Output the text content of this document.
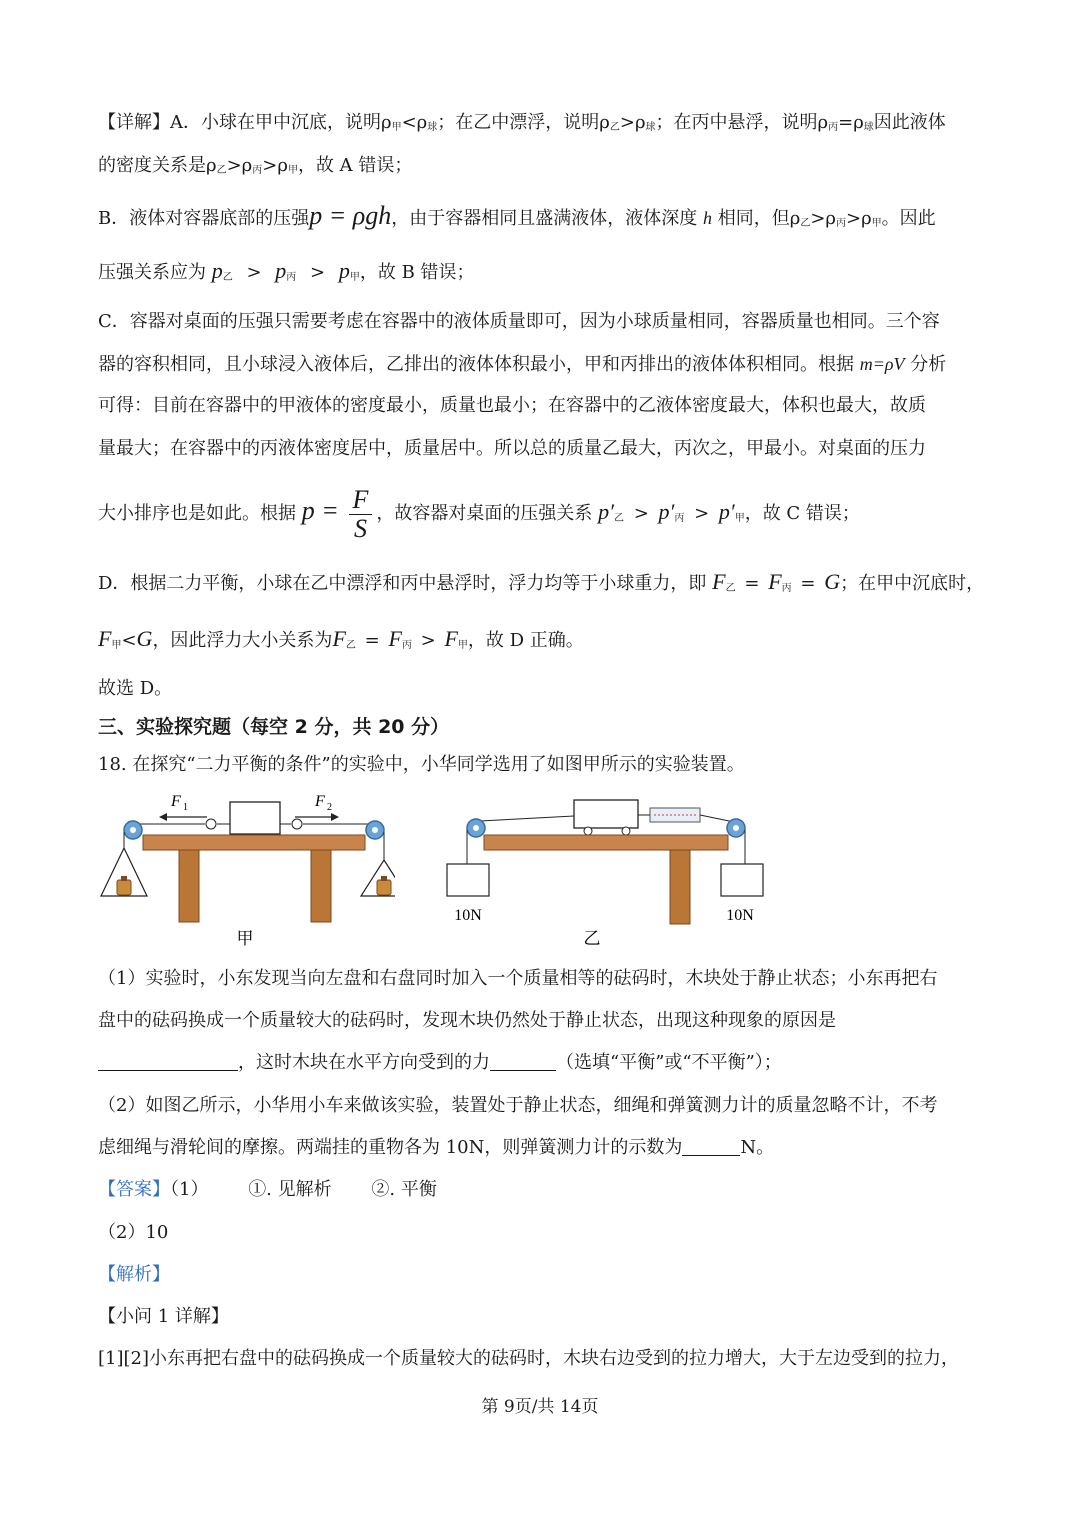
【详解】A．小球在甲中沉底，说明$\rho_甲<\rho_球$；在乙中漂浮，说明$\rho_乙>\rho_球$；在丙中悬浮，说明$\rho_丙=\rho_球$因此液体
的密度关系是$\rho_乙>\rho_丙>\rho_甲$，故 A 错误；
B．液体对容器底部的压强p = ρgh，由于容器相同且盛满液体，液体深度 h 相同，但$\rho_乙>\rho_丙>\rho_甲$。因此
压强关系应为 $p_乙 > p_丙 > p_甲$，故 B 错误；
C．容器对桌面的压强只需要考虑在容器中的液体质量即可，因为小球质量相同，容器质量也相同。三个容
器的容积相同，且小球浸入液体后，乙排出的液体体积最小，甲和丙排出的液体体积相同。根据 m=ρV 分析
可得：目前在容器中的甲液体的密度最小，质量也最小；在容器中的乙液体密度最大，体积也最大，故质
量最大；在容器中的丙液体密度居中，质量居中。所以总的质量乙最大，丙次之，甲最小。对桌面的压力
大小排序也是如此。根据 $p = \frac{F}{S}$ ，故容器对桌面的压强关系 $p'_乙 > p'_丙 > p'_甲$，故 C 错误；
D．根据二力平衡，小球在乙中漂浮和丙中悬浮时，浮力均等于小球重力，即 $F_乙 = F_丙 = G$；在甲中沉底时，
$F_甲<G$，因此浮力大小关系为$F_乙 = F_丙 > F_甲$，故 D 正确。
故选 D。
三、实验探究题（每空 2 分，共 20 分）
18. 在探究“二力平衡的条件”的实验中，小华同学选用了如图甲所示的实验装置。
F 1	F 2
甲
10N	10N
乙
（1）实验时，小东发现当向左盘和右盘同时加入一个质量相等的砝码时，木块处于静止状态；小东再把右
盘中的砝码换成一个质量较大的砝码时，发现木块仍然处于静止状态，出现这种现象的原因是
，这时木块在水平方向受到的力	（选填“平衡”或“不平衡”）；
（2）如图乙所示，小华用小车来做该实验，装置处于静止状态，细绳和弹簧测力计的质量忽略不计，不考
虑细绳与滑轮间的摩擦。两端挂的重物各为 10N，则弹簧测力计的示数为	N。
【答案】（1） ①. 见解析 ②. 平衡
（2）10
【解析】
【小问 1 详解】
[1][2]小东再把右盘中的砝码换成一个质量较大的砝码时，木块右边受到的拉力增大，大于左边受到的拉力，
第 9页/共 14页
